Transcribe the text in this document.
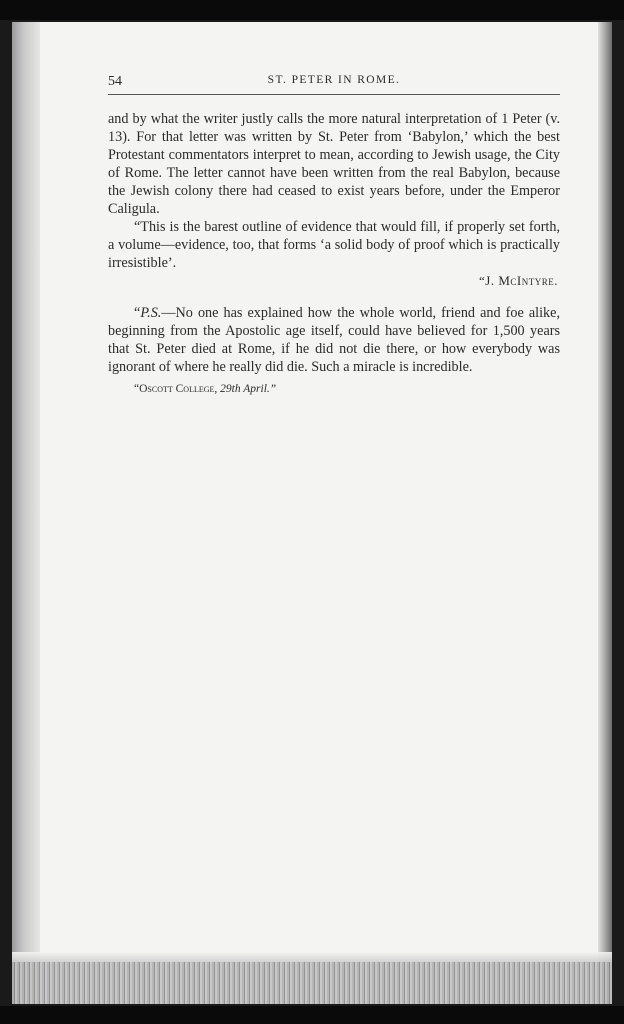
54	ST. PETER IN ROME.

and by what the writer justly calls the more natural interpretation of 1 Peter (v. 13). For that letter was written by St. Peter from ‘Babylon,’ which the best Protestant commentators interpret to mean, according to Jewish usage, the City of Rome. The letter cannot have been written from the real Babylon, because the Jewish colony there had ceased to exist years before, under the Emperor Caligula.

“This is the barest outline of evidence that would fill, if properly set forth, a volume—evidence, too, that forms ‘a solid body of proof which is practically irresistible’.

“J. McIntyre.

“P.S.—No one has explained how the whole world, friend and foe alike, beginning from the Apostolic age itself, could have believed for 1,500 years that St. Peter died at Rome, if he did not die there, or how everybody was ignorant of where he really did die. Such a miracle is incredible.

“Oscott College, 29th April.”
